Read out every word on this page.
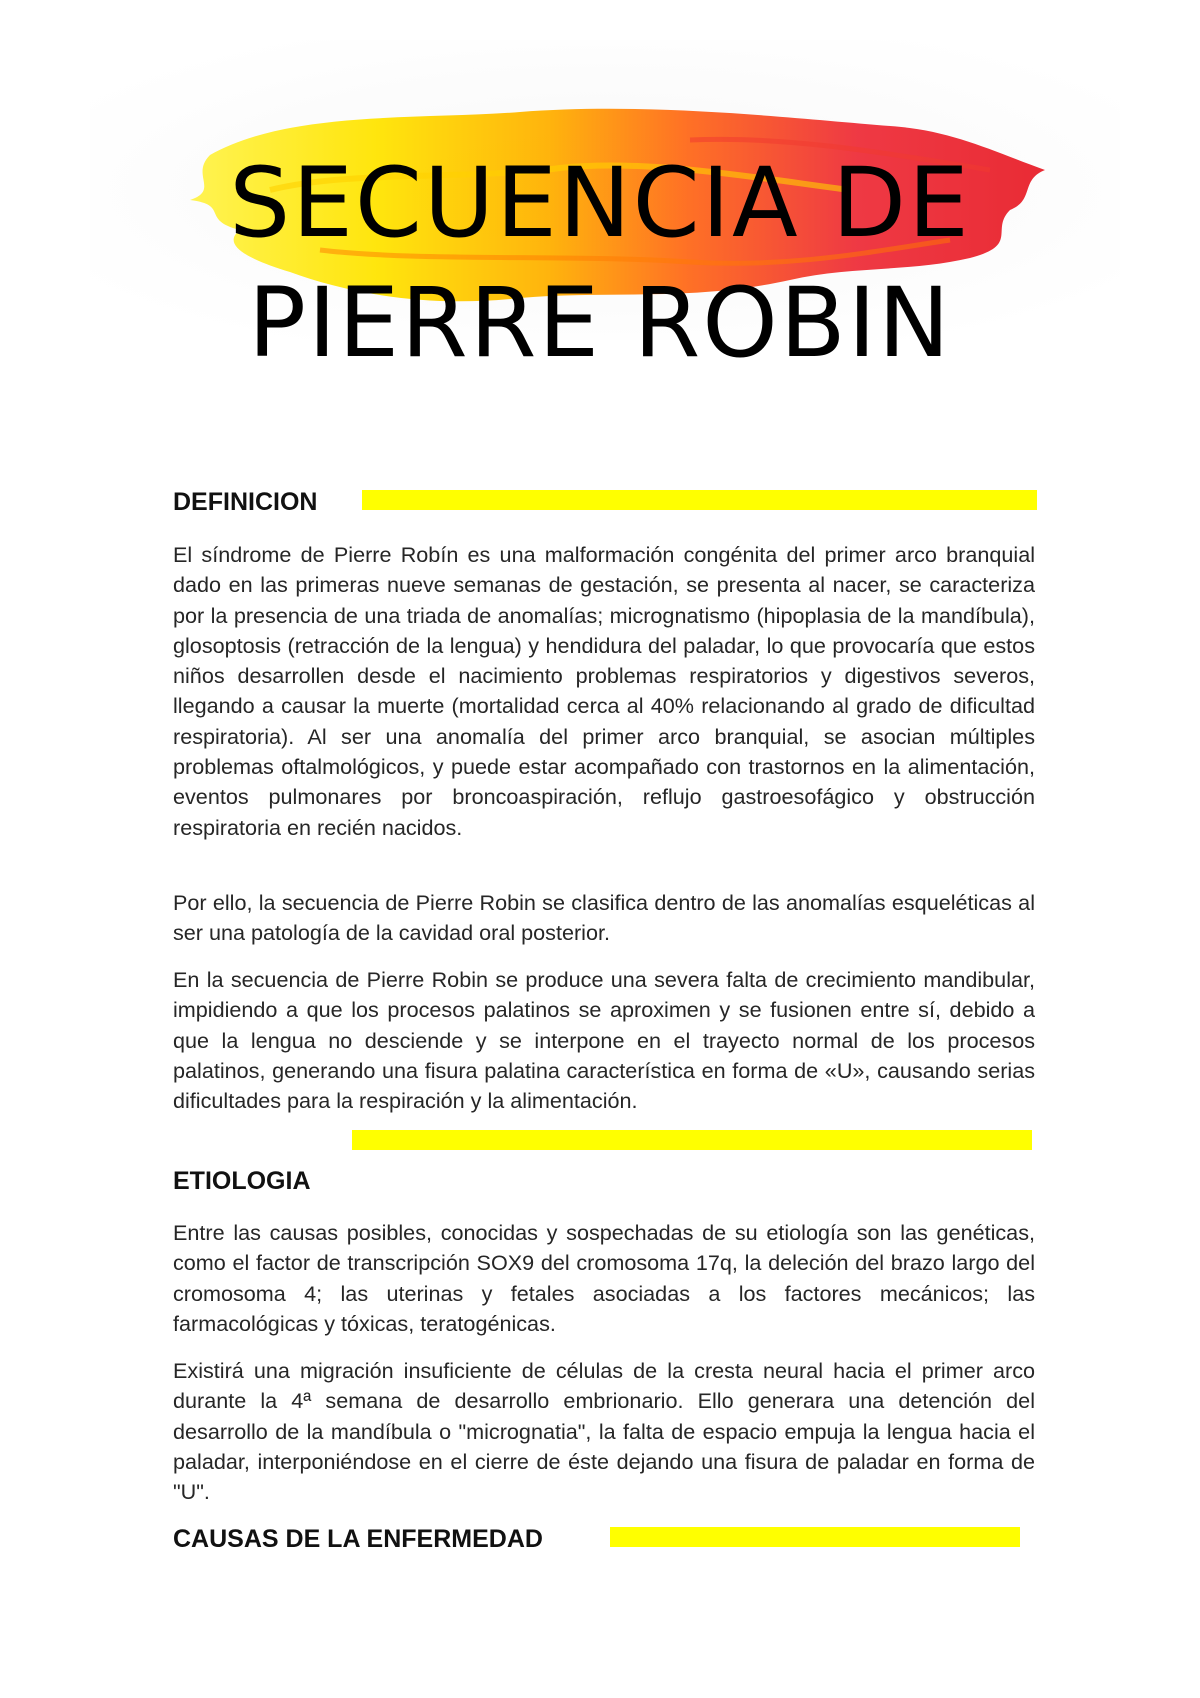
SECUENCIA DE
PIERRE ROBIN
DEFINICION

El síndrome de Pierre Robín es una malformación congénita del primer arco branquial dado en las primeras nueve semanas de gestación, se presenta al nacer, se caracteriza por la presencia de una triada de anomalías; micrognatismo (hipoplasia de la mandíbula), glosoptosis (retracción de la lengua) y hendidura del paladar, lo que provocaría que estos niños desarrollen desde el nacimiento problemas respiratorios y digestivos severos, llegando a causar la muerte (mortalidad cerca al 40% relacionando al grado de dificultad respiratoria). Al ser una anomalía del primer arco branquial, se asocian múltiples problemas oftalmológicos, y puede estar acompañado con trastornos en la alimentación, eventos pulmonares por broncoaspiración, reflujo gastroesofágico y obstrucción respiratoria en recién nacidos.

Por ello, la secuencia de Pierre Robin se clasifica dentro de las anomalías esqueléticas al ser una patología de la cavidad oral posterior.

En la secuencia de Pierre Robin se produce una severa falta de crecimiento mandibular, impidiendo a que los procesos palatinos se aproximen y se fusionen entre sí, debido a que la lengua no desciende y se interpone en el trayecto normal de los procesos palatinos, generando una fisura palatina característica en forma de «U», causando serias dificultades para la respiración y la alimentación.

ETIOLOGIA

Entre las causas posibles, conocidas y sospechadas de su etiología son las genéticas, como el factor de transcripción SOX9 del cromosoma 17q, la deleción del brazo largo del cromosoma 4; las uterinas y fetales asociadas a los factores mecánicos; las farmacológicas y tóxicas, teratogénicas.

Existirá una migración insuficiente de células de la cresta neural hacia el primer arco durante la 4ª semana de desarrollo embrionario. Ello generara una detención del desarrollo de la mandíbula o "micrognatia", la falta de espacio empuja la lengua hacia el paladar, interponiéndose en el cierre de éste dejando una fisura de paladar en forma de "U".

CAUSAS DE LA ENFERMEDAD
